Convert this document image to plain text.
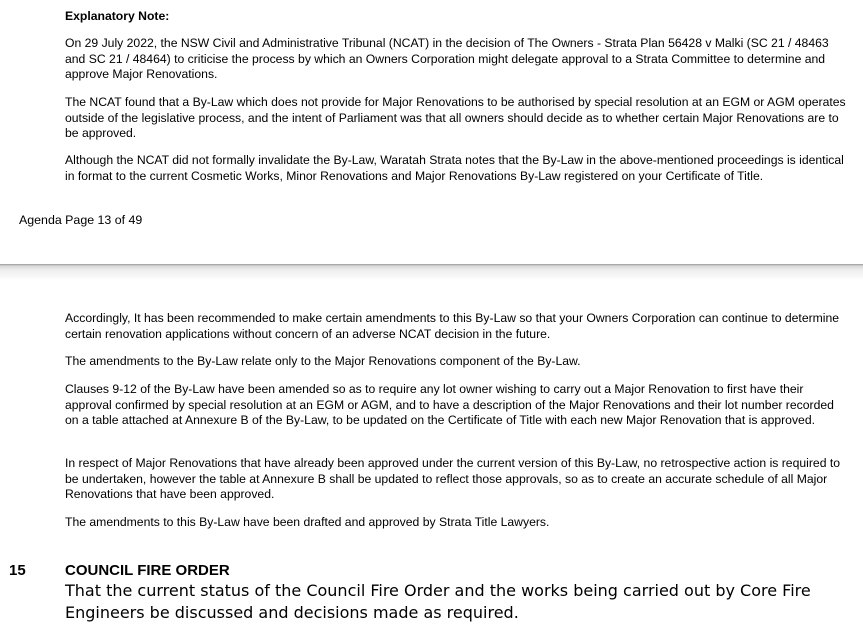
Explanatory Note:

On 29 July 2022, the NSW Civil and Administrative Tribunal (NCAT) in the decision of The Owners - Strata Plan 56428 v Malki (SC 21 / 48463 and SC 21 / 48464) to criticise the process by which an Owners Corporation might delegate approval to a Strata Committee to determine and approve Major Renovations.

The NCAT found that a By-Law which does not provide for Major Renovations to be authorised by special resolution at an EGM or AGM operates outside of the legislative process, and the intent of Parliament was that all owners should decide as to whether certain Major Renovations are to be approved.

Although the NCAT did not formally invalidate the By-Law, Waratah Strata notes that the By-Law in the above-mentioned proceedings is identical in format to the current Cosmetic Works, Minor Renovations and Major Renovations By-Law registered on your Certificate of Title.

Agenda Page 13 of 49

Accordingly, It has been recommended to make certain amendments to this By-Law so that your Owners Corporation can continue to determine certain renovation applications without concern of an adverse NCAT decision in the future.

The amendments to the By-Law relate only to the Major Renovations component of the By-Law.

Clauses 9-12 of the By-Law have been amended so as to require any lot owner wishing to carry out a Major Renovation to first have their approval confirmed by special resolution at an EGM or AGM, and to have a description of the Major Renovations and their lot number recorded on a table attached at Annexure B of the By-Law, to be updated on the Certificate of Title with each new Major Renovation that is approved.

In respect of Major Renovations that have already been approved under the current version of this By-Law, no retrospective action is required to be undertaken, however the table at Annexure B shall be updated to reflect those approvals, so as to create an accurate schedule of all Major Renovations that have been approved.

The amendments to this By-Law have been drafted and approved by Strata Title Lawyers.

15	COUNCIL FIRE ORDER

That the current status of the Council Fire Order and the works being carried out by Core Fire Engineers be discussed and decisions made as required.
